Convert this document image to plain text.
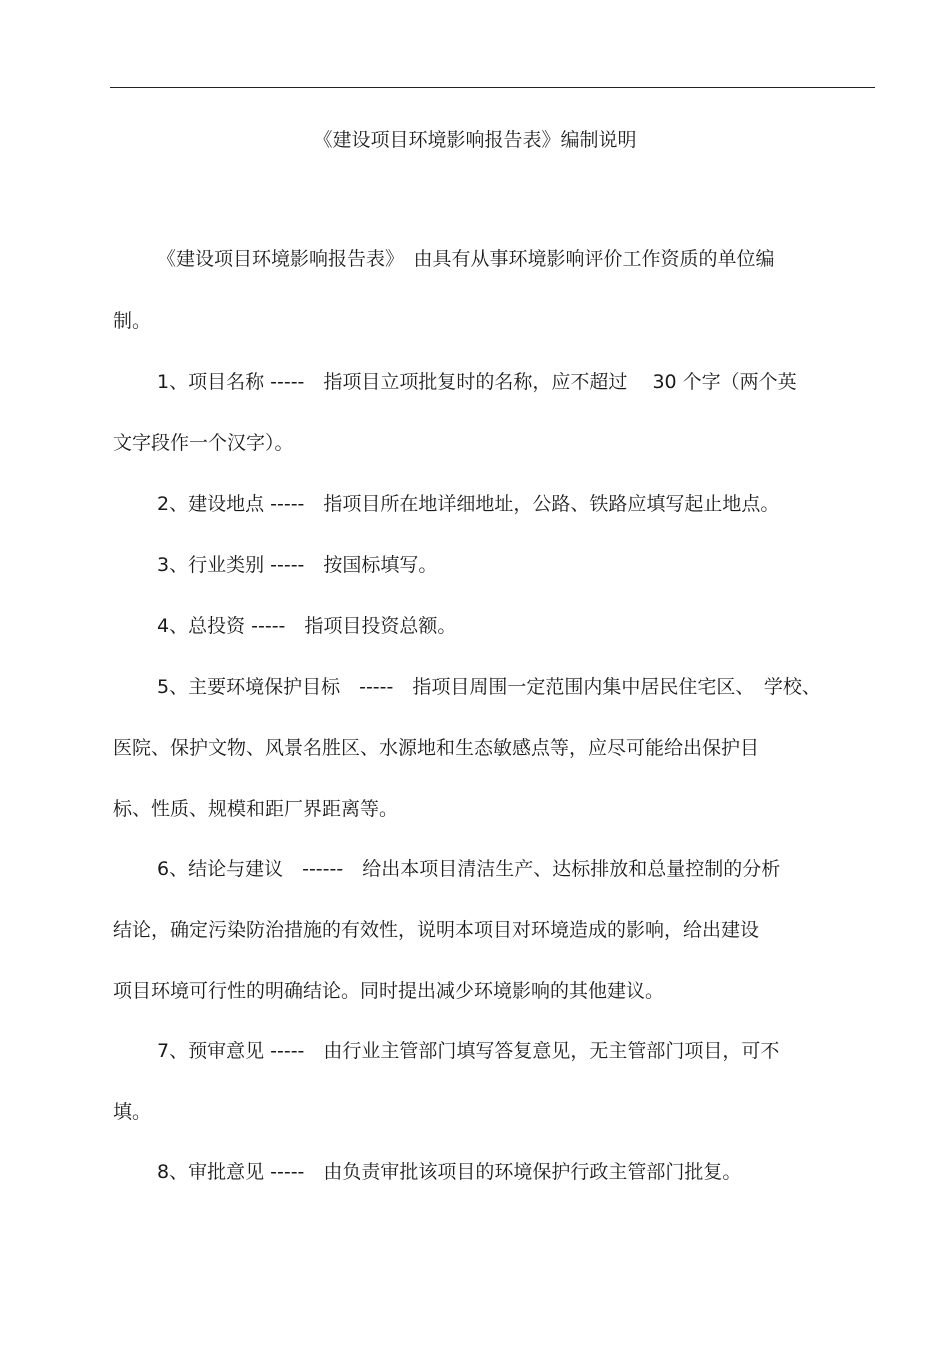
《建设项目环境影响报告表》编制说明
《建设项目环境影响报告表》　由具有从事环境影响评价工作资质的单位编
制。
1、项目名称 -----　指项目立项批复时的名称，应不超过　 30 个字（两个英
文字段作一个汉字）。
2、建设地点 -----　指项目所在地详细地址，公路、铁路应填写起止地点。
3、行业类别 -----　按国标填写。
4、总投资 -----　指项目投资总额。
5、主要环境保护目标　-----　指项目周围一定范围内集中居民住宅区、　学校、
医院、保护文物、风景名胜区、水源地和生态敏感点等，应尽可能给出保护目
标、性质、规模和距厂界距离等。
6、结论与建议　------　给出本项目清洁生产、达标排放和总量控制的分析
结论，确定污染防治措施的有效性，说明本项目对环境造成的影响，给出建设
项目环境可行性的明确结论。同时提出减少环境影响的其他建议。
7、预审意见 -----　由行业主管部门填写答复意见，无主管部门项目，可不
填。
8、审批意见 -----　由负责审批该项目的环境保护行政主管部门批复。
